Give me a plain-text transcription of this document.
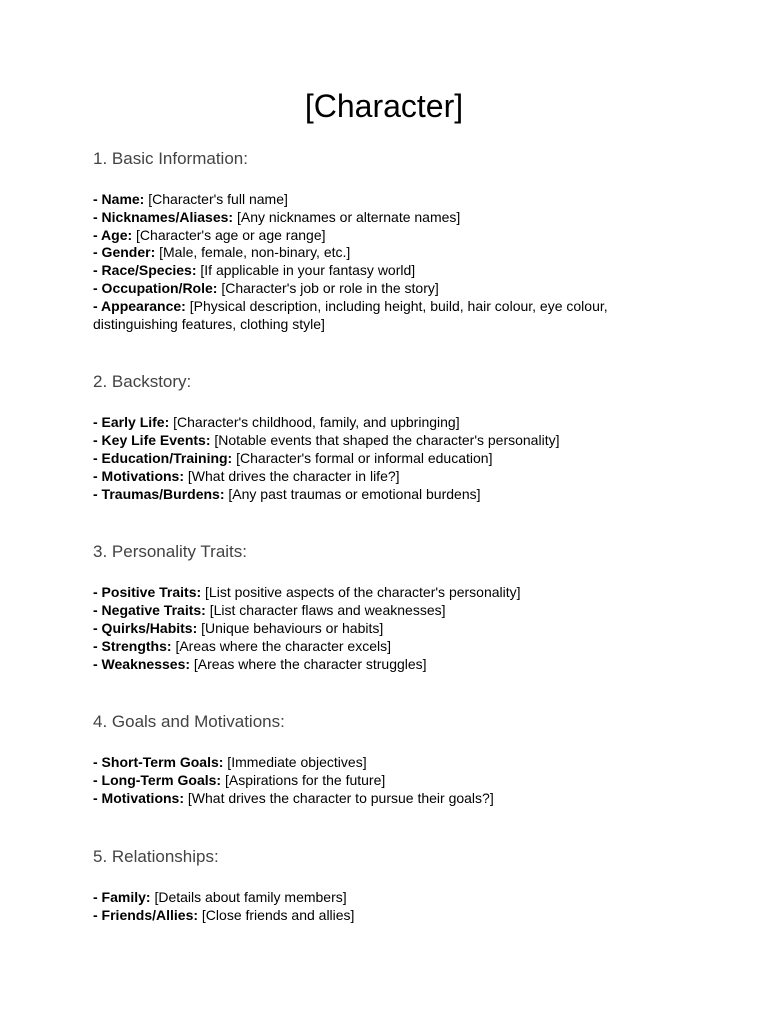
[Character]
1. Basic Information:
- Name: [Character's full name]
- Nicknames/Aliases: [Any nicknames or alternate names]
- Age: [Character's age or age range]
- Gender: [Male, female, non-binary, etc.]
- Race/Species: [If applicable in your fantasy world]
- Occupation/Role: [Character's job or role in the story]
- Appearance: [Physical description, including height, build, hair colour, eye colour, distinguishing features, clothing style]
2. Backstory:
- Early Life: [Character's childhood, family, and upbringing]
- Key Life Events: [Notable events that shaped the character's personality]
- Education/Training: [Character's formal or informal education]
- Motivations: [What drives the character in life?]
- Traumas/Burdens: [Any past traumas or emotional burdens]
3. Personality Traits:
- Positive Traits: [List positive aspects of the character's personality]
- Negative Traits: [List character flaws and weaknesses]
- Quirks/Habits: [Unique behaviours or habits]
- Strengths: [Areas where the character excels]
- Weaknesses: [Areas where the character struggles]
4. Goals and Motivations:
- Short-Term Goals: [Immediate objectives]
- Long-Term Goals: [Aspirations for the future]
- Motivations: [What drives the character to pursue their goals?]
5. Relationships:
- Family: [Details about family members]
- Friends/Allies: [Close friends and allies]
